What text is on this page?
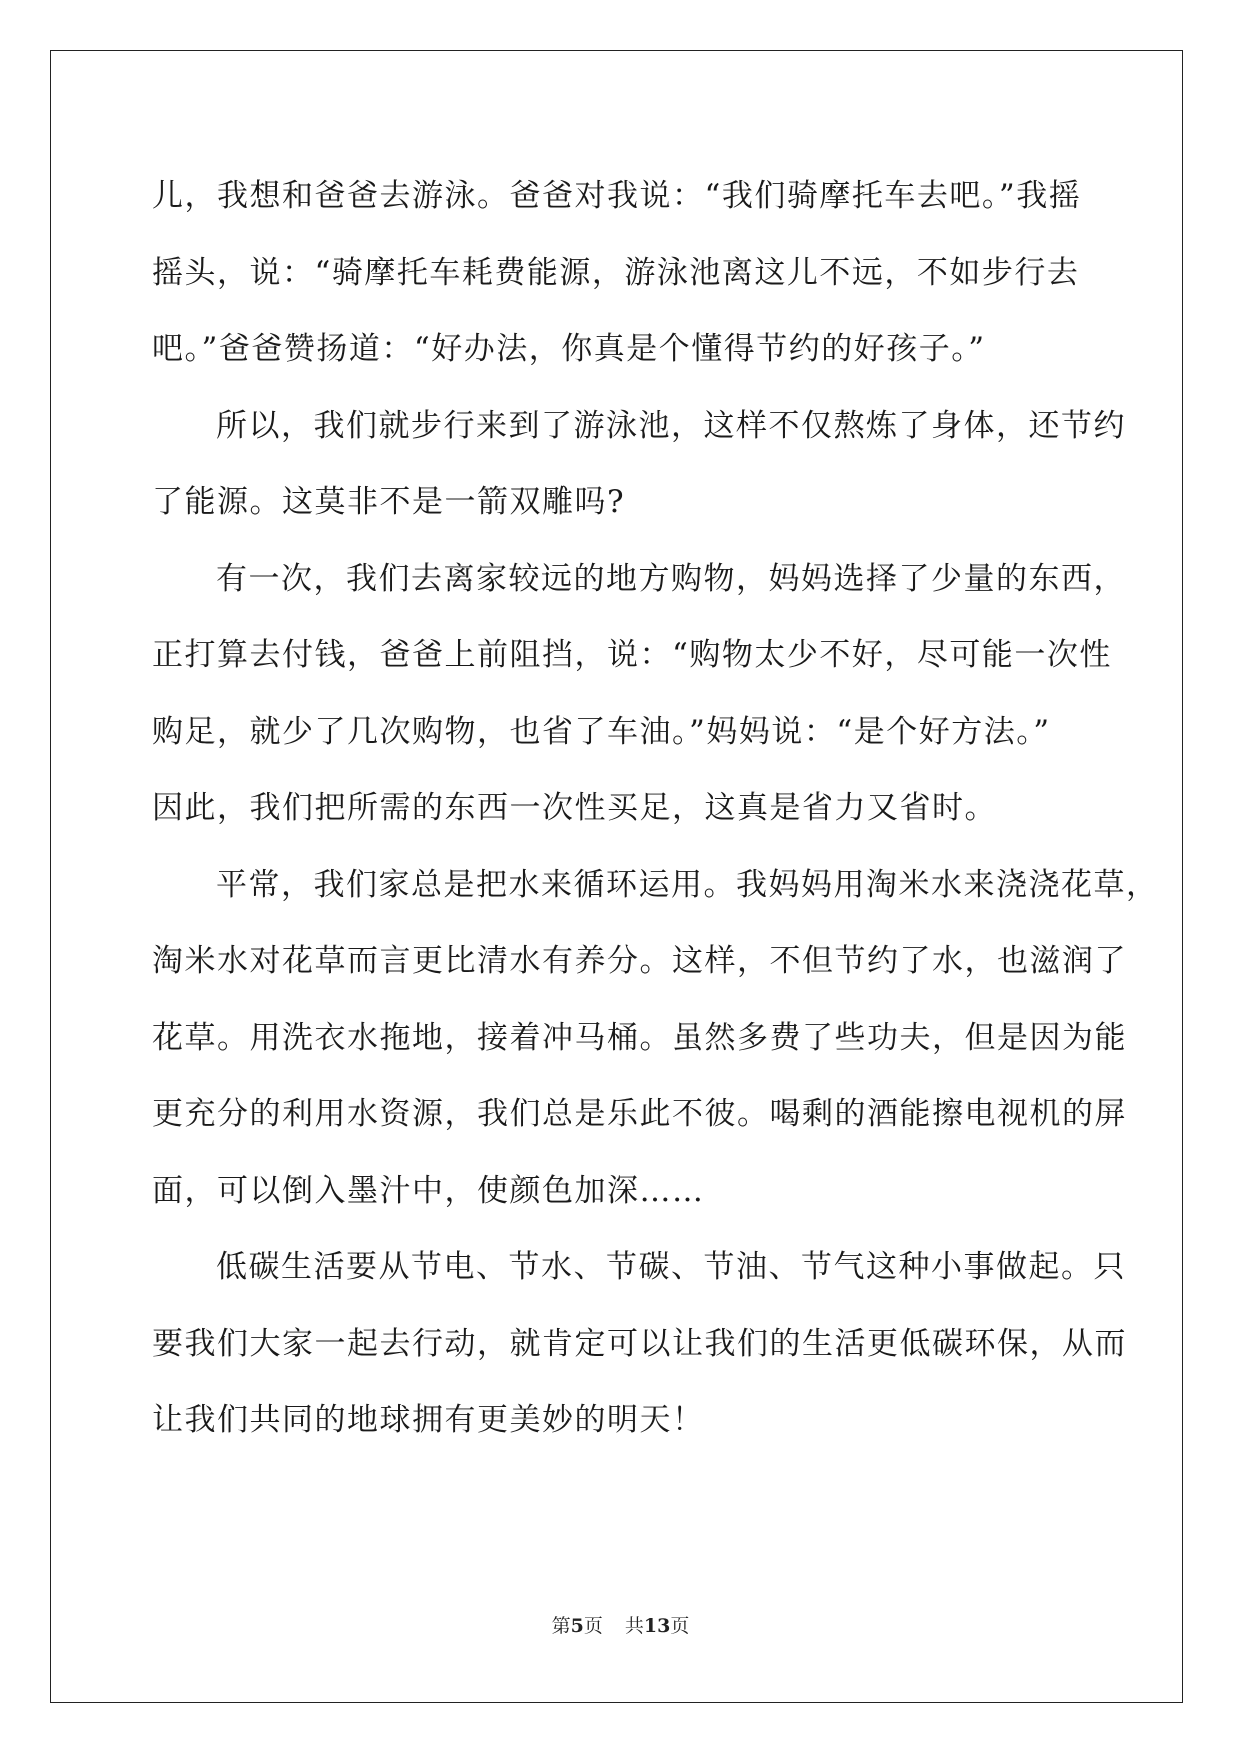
儿，我想和爸爸去游泳。爸爸对我说：“我们骑摩托车去吧。”我摇
摇头，说：“骑摩托车耗费能源，游泳池离这儿不远，不如步行去
吧。”爸爸赞扬道：“好办法，你真是个懂得节约的好孩子。”
所以，我们就步行来到了游泳池，这样不仅熬炼了身体，还节约
了能源。这莫非不是一箭双雕吗?
有一次，我们去离家较远的地方购物，妈妈选择了少量的东西，
正打算去付钱，爸爸上前阻挡，说：“购物太少不好，尽可能一次性
购足，就少了几次购物，也省了车油。”妈妈说：“是个好方法。”
因此，我们把所需的东西一次性买足，这真是省力又省时。
平常，我们家总是把水来循环运用。我妈妈用淘米水来浇浇花草，
淘米水对花草而言更比清水有养分。这样，不但节约了水，也滋润了
花草。用洗衣水拖地，接着冲马桶。虽然多费了些功夫，但是因为能
更充分的利用水资源，我们总是乐此不彼。喝剩的酒能擦电视机的屏
面，可以倒入墨汁中，使颜色加深……
低碳生活要从节电、节水、节碳、节油、节气这种小事做起。只
要我们大家一起去行动，就肯定可以让我们的生活更低碳环保，从而
让我们共同的地球拥有更美妙的明天！
第5页 共13页
